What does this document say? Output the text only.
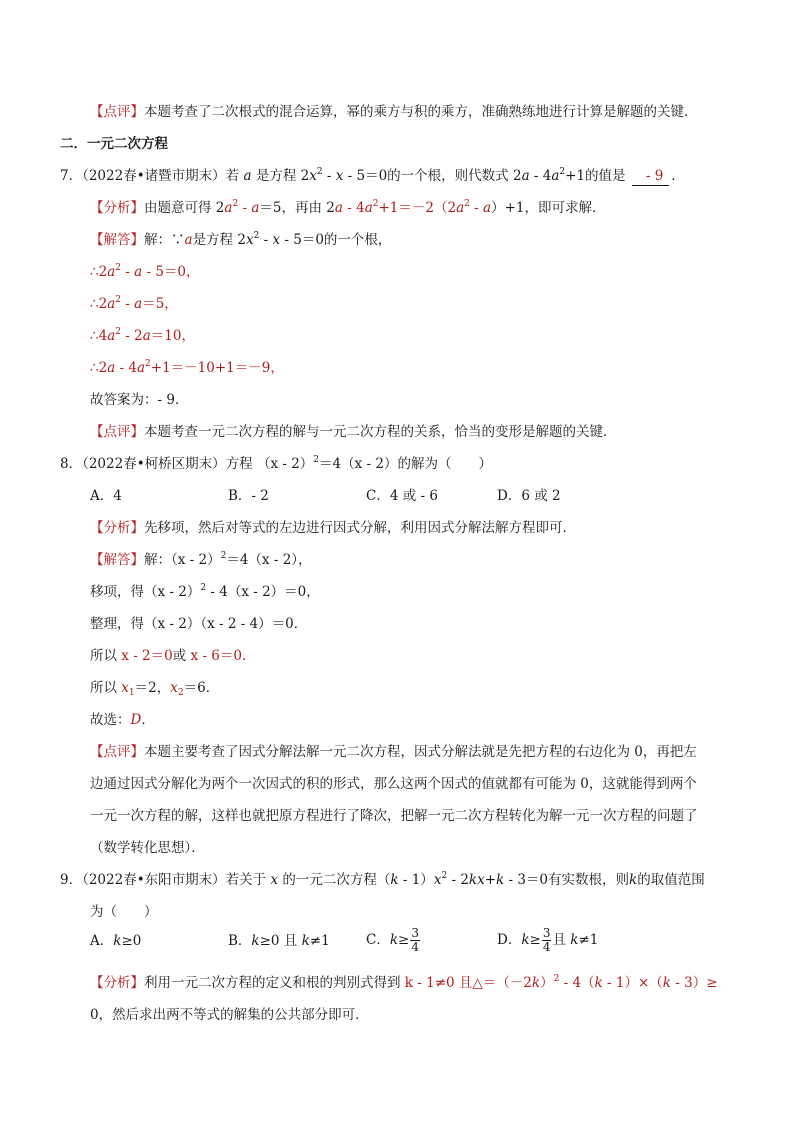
【点评】本题考查了二次根式的混合运算，幂的乘方与积的乘方，准确熟练地进行计算是解题的关键．
二．一元二次方程
7．（2022春•诸暨市期末）若 a 是方程 $2x^2 - x - 5=0$的一个根，则代数式 $2a - 4a^2+1$的值是 - 9 ．
【分析】由题意可得 $2a^2 - a=5$，再由 $2a - 4a^2+1=-2(2a^2 - a)+1$，即可求解．
【解答】解：∵a是方程 $2x^2 - x - 5=0$的一个根，
$\therefore 2a^2 - a - 5=0$，
$\therefore 2a^2 - a=5$，
$\therefore 4a^2 - 2a=10$，
∴2a - $4a^2+1=-10+1=-9$，
故答案为：- 9．
【点评】本题考查一元二次方程的解与一元二次方程的关系，恰当的变形是解题的关键．
8．（2022春•柯桥区期末）方程 （x - 2）$^2$＝4（x - 2）的解为（　　）
A．4	B．- 2	C．4 或 - 6	D．6 或 2
【分析】先移项，然后对等式的左边进行因式分解，利用因式分解法解方程即可．
【解答】解：（x - 2）$^2$＝4（x - 2），
移项，得（x - 2）$^2$ - 4（x - 2）＝0，
整理，得（x - 2）（x - 2 - 4）＝0．
所以 x - 2＝0或 x - 6＝0．
所以 $x_1=2$，$x_2=6$．
故选：D．
【点评】本题主要考查了因式分解法解一元二次方程，因式分解法就是先把方程的右边化为 0，再把左
边通过因式分解化为两个一次因式的积的形式，那么这两个因式的值就都有可能为 0，这就能得到两个
一元一次方程的解，这样也就把原方程进行了降次，把解一元二次方程转化为解一元一次方程的问题了
（数学转化思想）．
9．（2022春•东阳市期末）若关于 x 的一元二次方程$(k - 1)x^2 - 2kx+k - 3=0$有实数根，则k的取值范围
为（　　）
A．k≥0	B．k≥0 且 k≠1	C．$k\ge \frac{3}{4}$	D．$k\ge \frac{3}{4}$ 且 k≠1
【分析】利用一元二次方程的定义和根的判别式得到 k - 1≠0 且$\triangle=(-2k)^2 - 4(k - 1)\times(k - 3)\ge$
0，然后求出两不等式的解集的公共部分即可．
